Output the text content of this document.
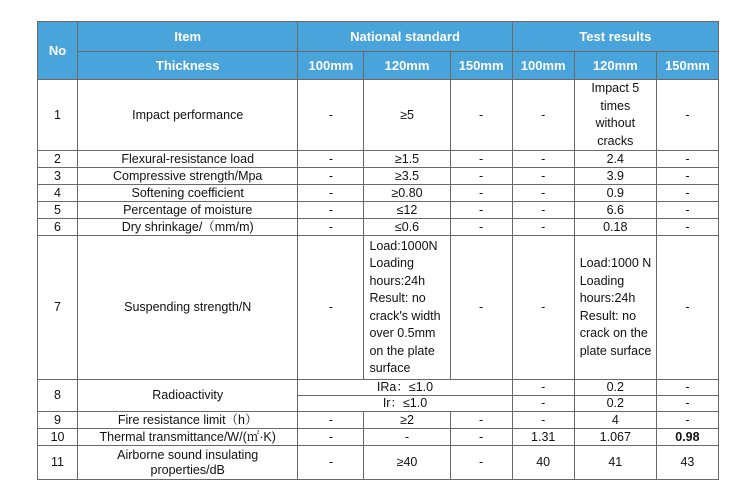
No	Item	National standard			Test results		
	Thickness	100mm	120mm	150mm	100mm	120mm	150mm
1	Impact performance	-	≥5	-	-	Impact 5 times without cracks	-
2	Flexural-resistance load	-	≥1.5	-	-	2.4	-
3	Compressive strength/Mpa	-	≥3.5	-	-	3.9	-
4	Softening coefficient	-	≥0.80	-	-	0.9	-
5	Percentage of moisture	-	≤12	-	-	6.6	-
6	Dry shrinkage/（mm/m)	-	≤0.6	-	-	0.18	-
7	Suspending strength/N	-	Load:1000N Loading hours:24h Result: no crack's width over 0.5mm on the plate surface	-	-	Load:1000 N Loading hours:24h Result: no crack on the plate surface	-
8	Radioactivity	IRa：≤1.0			-	0.2	-
		Ir：≤1.0			-	0.2	-
9	Fire resistance limit（h）	-	≥2	-	-	4	-
10	Thermal transmittance/W/(㎡·K)	-	-	-	1.31	1.067	0.98
11	Airborne sound insulating properties/dB	-	≥40	-	40	41	43
